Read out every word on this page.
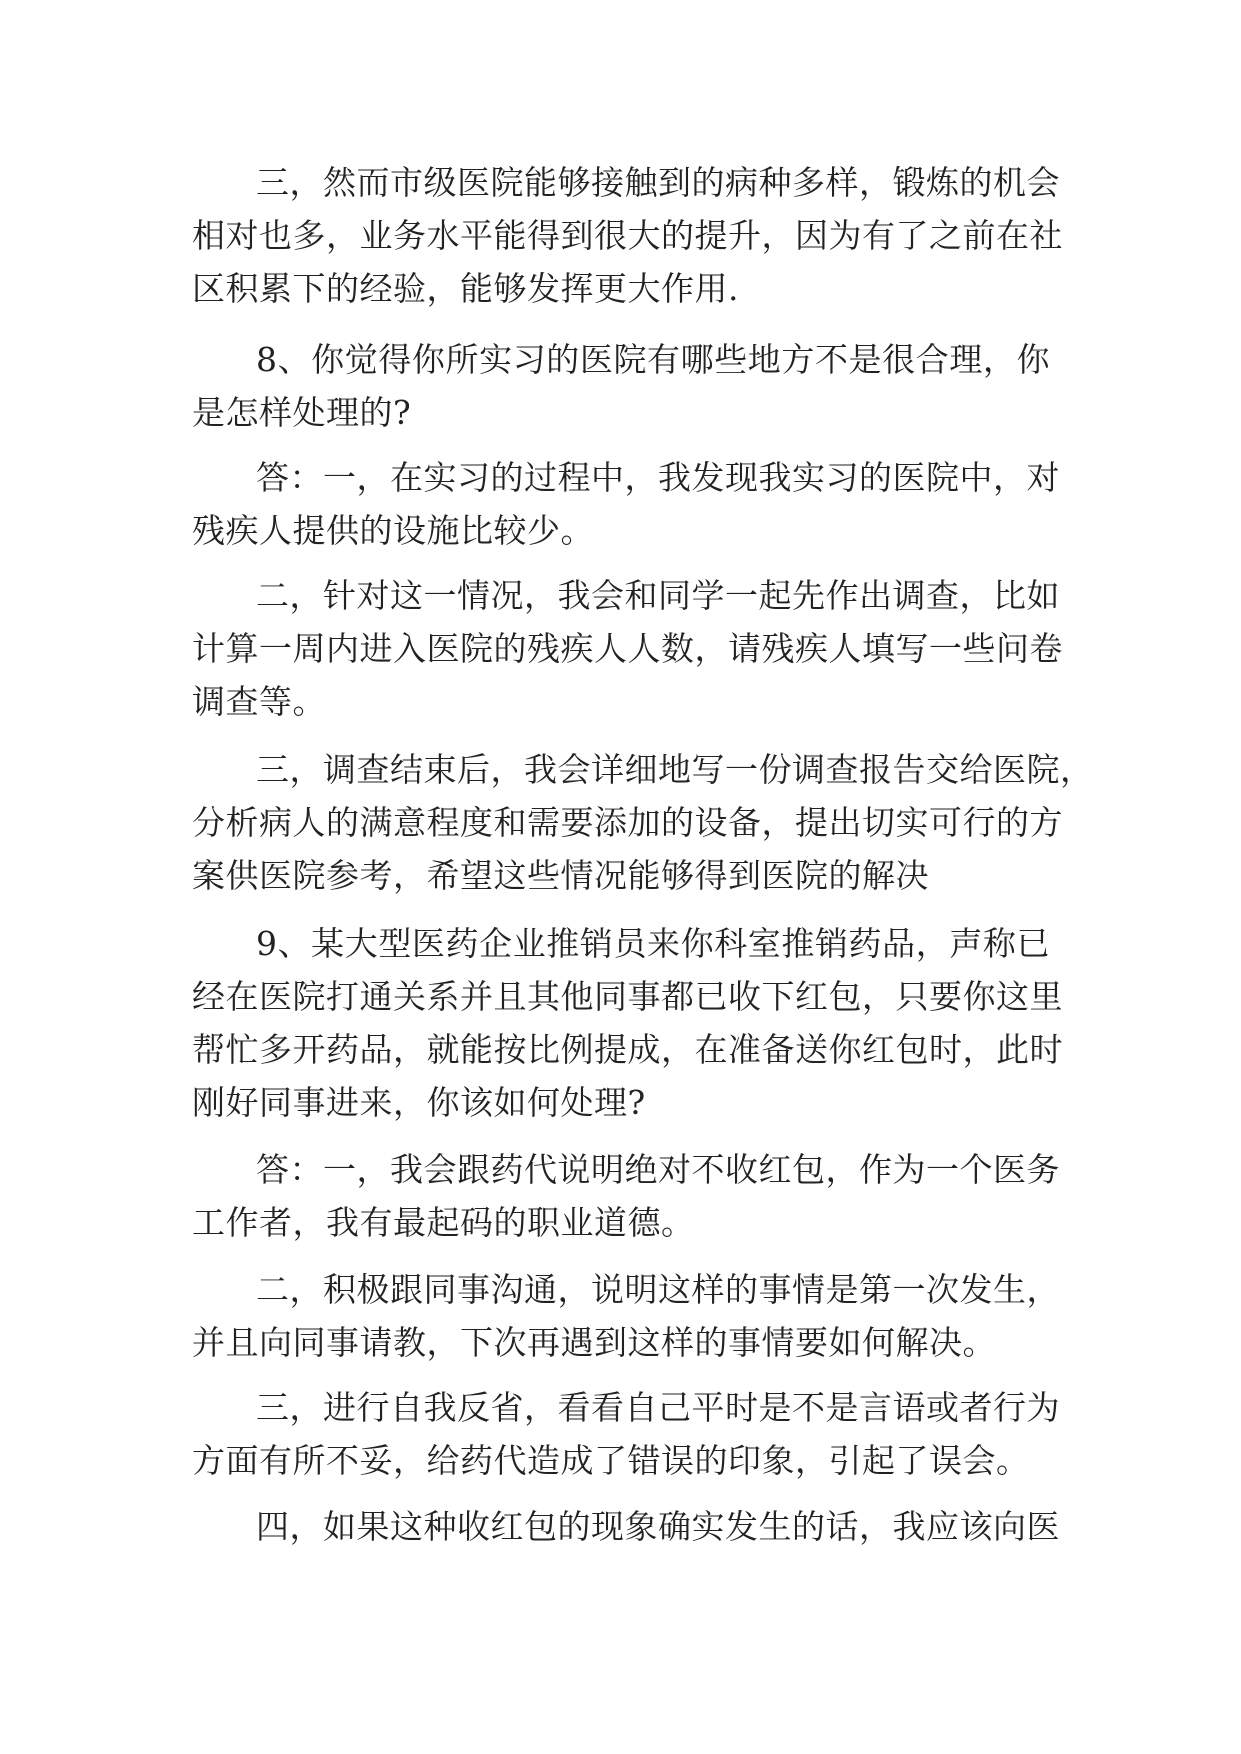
三，然而市级医院能够接触到的病种多样，锻炼的机会
相对也多，业务水平能得到很大的提升，因为有了之前在社
区积累下的经验，能够发挥更大作用.
8、你觉得你所实习的医院有哪些地方不是很合理，你
是怎样处理的?
答：一，在实习的过程中，我发现我实习的医院中，对
残疾人提供的设施比较少。
二，针对这一情况，我会和同学一起先作出调查，比如
计算一周内进入医院的残疾人人数，请残疾人填写一些问卷
调查等。
三，调查结束后，我会详细地写一份调查报告交给医院，
分析病人的满意程度和需要添加的设备，提出切实可行的方
案供医院参考，希望这些情况能够得到医院的解决
9、某大型医药企业推销员来你科室推销药品，声称已
经在医院打通关系并且其他同事都已收下红包，只要你这里
帮忙多开药品，就能按比例提成，在准备送你红包时，此时
刚好同事进来，你该如何处理?
答：一，我会跟药代说明绝对不收红包，作为一个医务
工作者，我有最起码的职业道德。
二，积极跟同事沟通，说明这样的事情是第一次发生，
并且向同事请教，下次再遇到这样的事情要如何解决。
三，进行自我反省，看看自己平时是不是言语或者行为
方面有所不妥，给药代造成了错误的印象，引起了误会。
四，如果这种收红包的现象确实发生的话，我应该向医
